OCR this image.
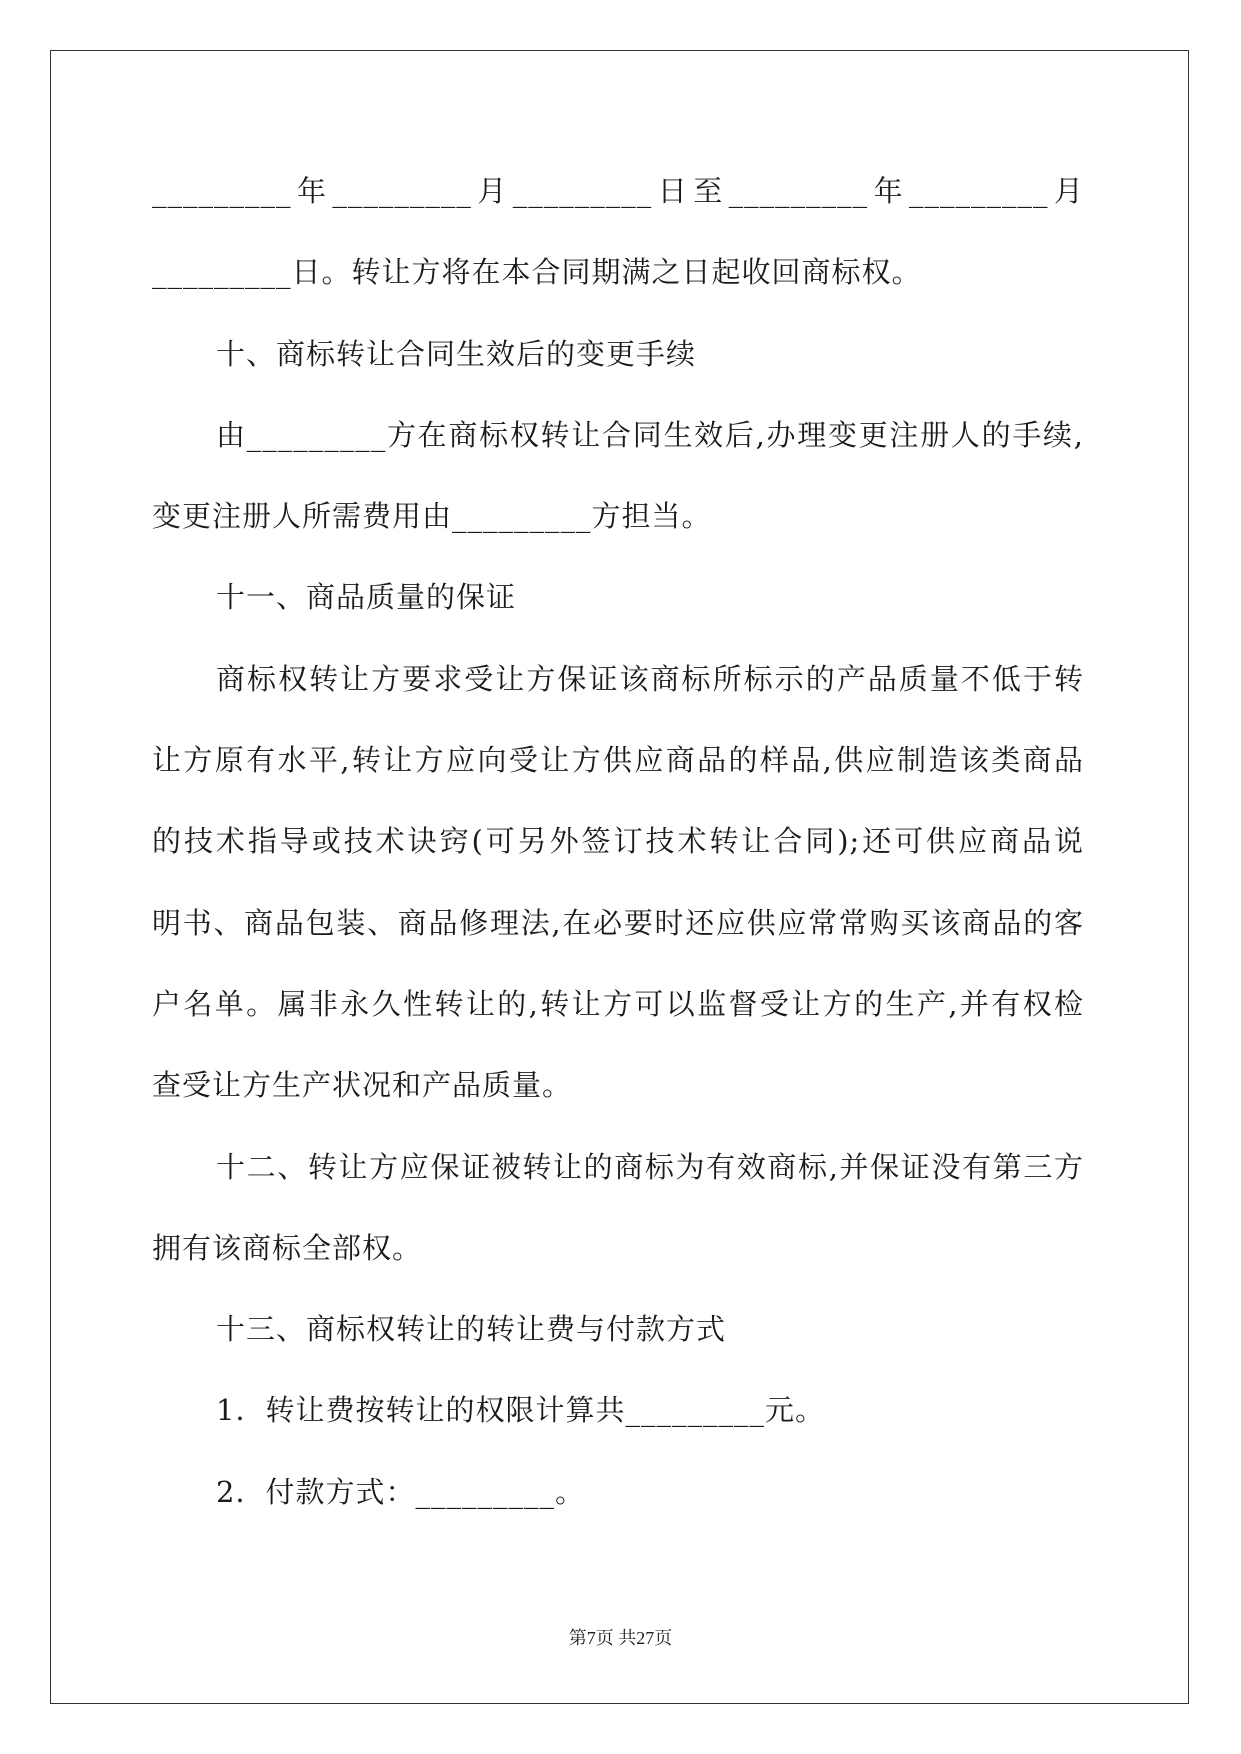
_________年_________月_________日至_________年_________月
_________日。转让方将在本合同期满之日起收回商标权。
十、商标转让合同生效后的变更手续
由_________方在商标权转让合同生效后,办理变更注册人的手续,
变更注册人所需费用由_________方担当。
十一、商品质量的保证
商标权转让方要求受让方保证该商标所标示的产品质量不低于转
让方原有水平,转让方应向受让方供应商品的样品,供应制造该类商品
的技术指导或技术诀窍(可另外签订技术转让合同);还可供应商品说
明书、商品包装、商品修理法,在必要时还应供应常常购买该商品的客
户名单。属非永久性转让的,转让方可以监督受让方的生产,并有权检
查受让方生产状况和产品质量。
十二、转让方应保证被转让的商标为有效商标,并保证没有第三方
拥有该商标全部权。
十三、商标权转让的转让费与付款方式
1．转让费按转让的权限计算共_________元。
2．付款方式：_________。
第7页 共27页
